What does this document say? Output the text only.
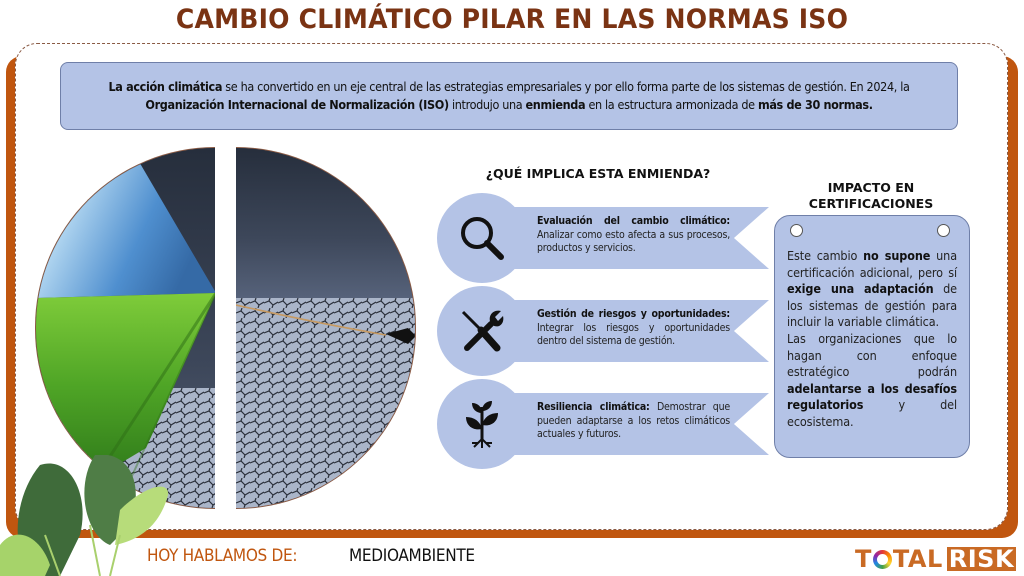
CAMBIO CLIMÁTICO PILAR EN LAS NORMAS ISO

La acción climática se ha convertido en un eje central de las estrategias empresariales y por ello forma parte de los sistemas de gestión. En 2024, la Organización Internacional de Normalización (ISO) introdujo una enmienda en la estructura armonizada de más de 30 normas.

¿QUÉ IMPLICA ESTA ENMIENDA?
Evaluación del cambio climático: Analizar como esto afecta a sus procesos, productos y servicios.
Gestión de riesgos y oportunidades: Integrar los riesgos y oportunidades dentro del sistema de gestión.
Resiliencia climática: Demostrar que pueden adaptarse a los retos climáticos actuales y futuros.
IMPACTO EN CERTIFICACIONES

Este cambio no supone una certificación adicional, pero sí exige una adaptación de los sistemas de gestión para incluir la variable climática.

Las organizaciones que lo hagan con enfoque estratégico podrán adelantarse a los desafíos regulatorios y del ecosistema.

HOY HABLAMOS DE:	MEDIOAMBIENTE	T TAL RISK
